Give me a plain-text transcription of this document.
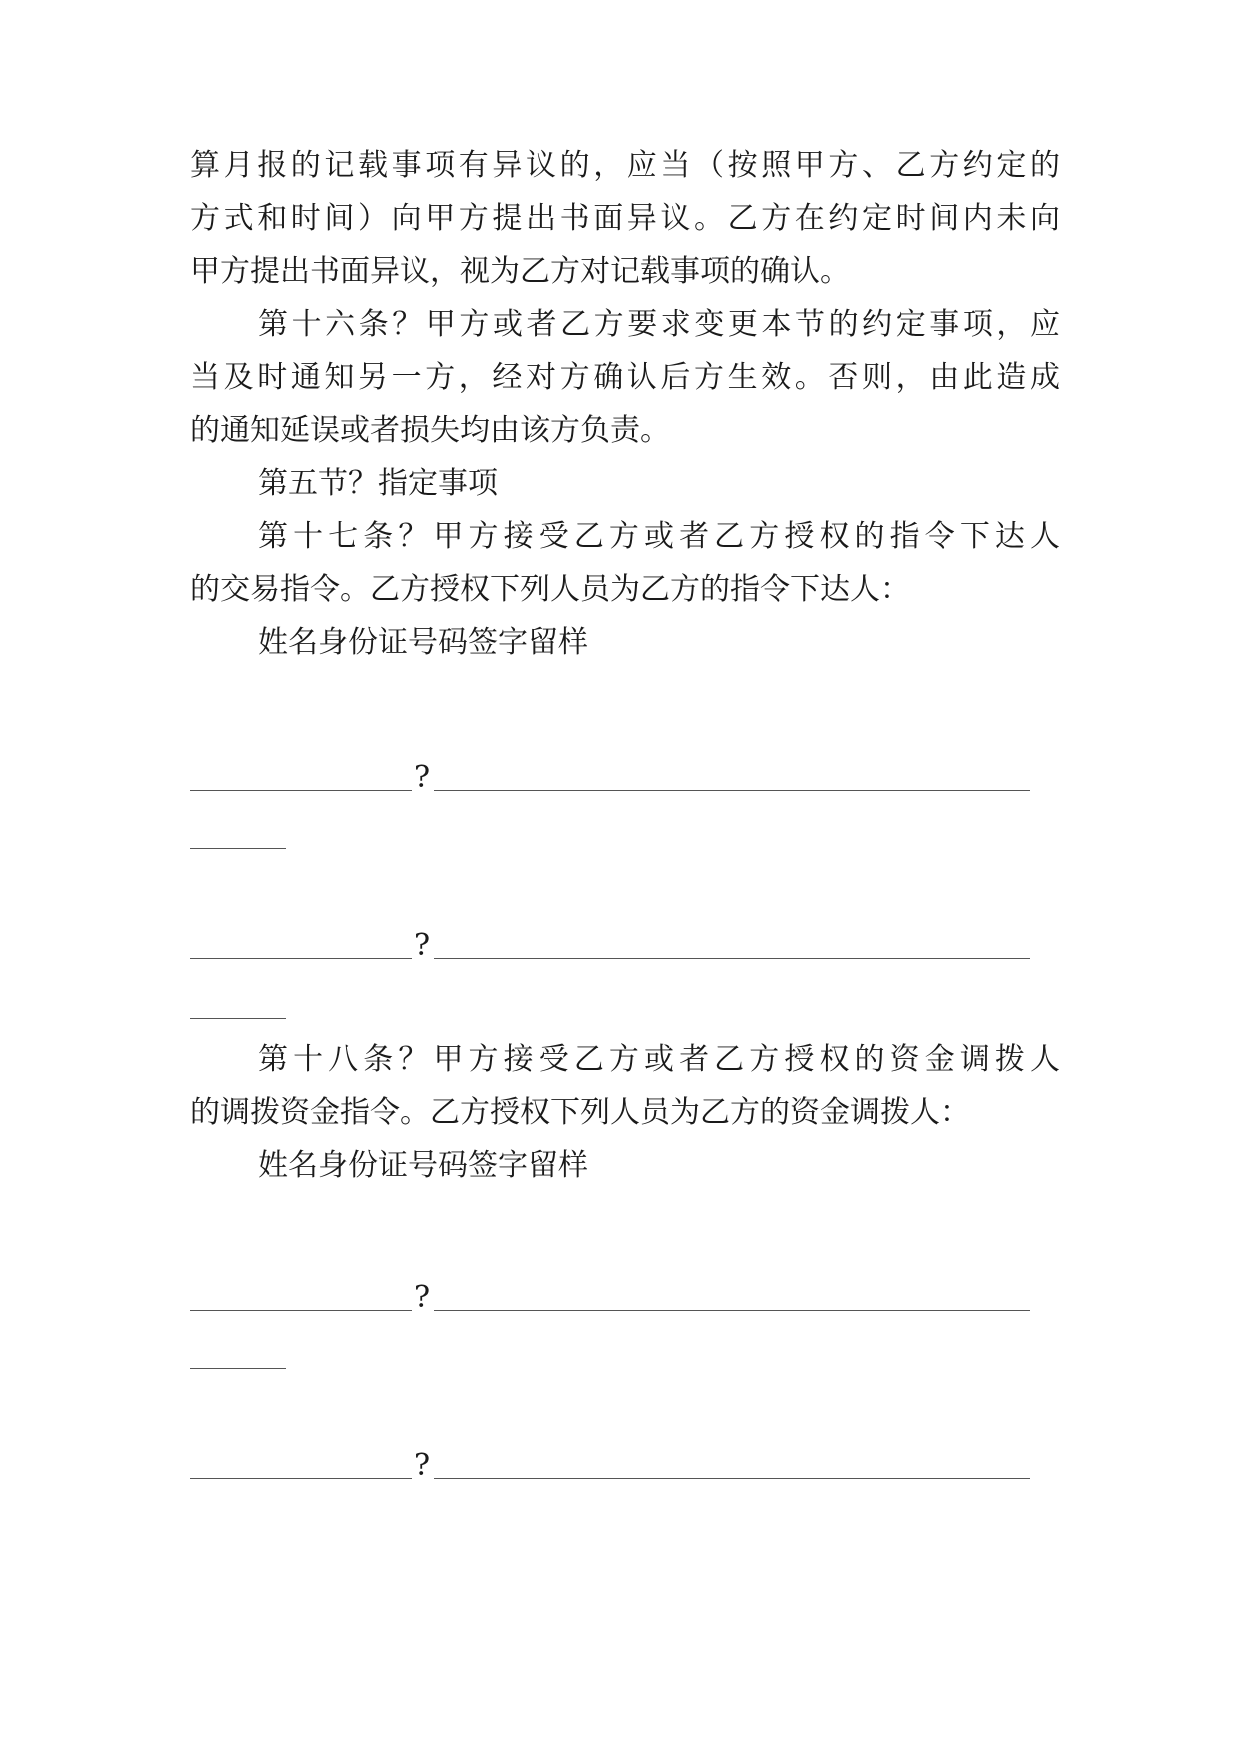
算月报的记载事项有异议的，应当（按照甲方、乙方约定的
方式和时间）向甲方提出书面异议。乙方在约定时间内未向
甲方提出书面异议，视为乙方对记载事项的确认。
第十六条？甲方或者乙方要求变更本节的约定事项，应
当及时通知另一方，经对方确认后方生效。否则，由此造成
的通知延误或者损失均由该方负责。
第五节？指定事项
第十七条？甲方接受乙方或者乙方授权的指令下达人
的交易指令。乙方授权下列人员为乙方的指令下达人：
姓名身份证号码签字留样
?
?
第十八条？甲方接受乙方或者乙方授权的资金调拨人
的调拨资金指令。乙方授权下列人员为乙方的资金调拨人：
姓名身份证号码签字留样
?
?
